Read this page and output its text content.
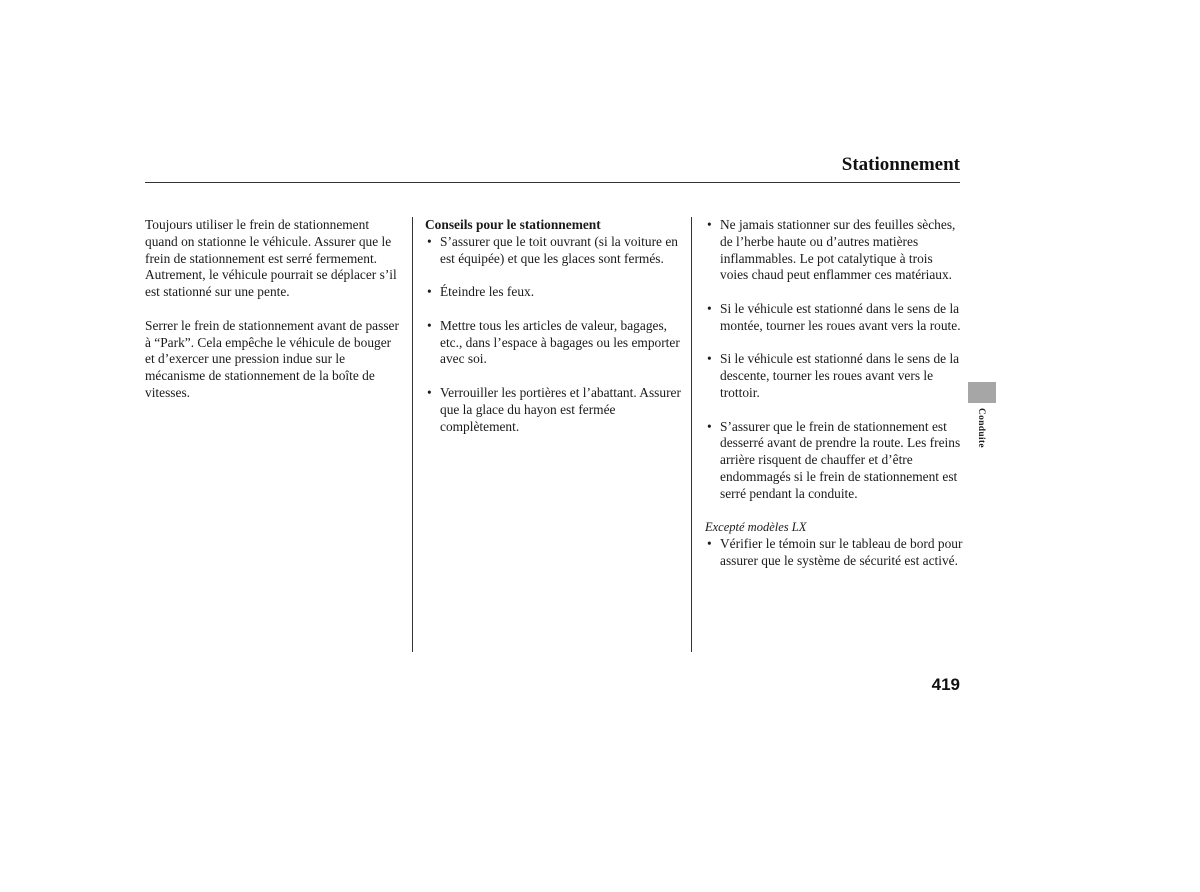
Stationnement

Toujours utiliser le frein de stationnement quand on stationne le véhicule. Assurer que le frein de stationnement est serré fermement. Autrement, le véhicule pourrait se déplacer s’il est stationné sur une pente.

Serrer le frein de stationnement avant de passer à “Park”. Cela empêche le véhicule de bouger et d’exercer une pression indue sur le mécanisme de stationnement de la boîte de vitesses.

Conseils pour le stationnement

• S’assurer que le toit ouvrant (si la voiture en est équipée) et que les glaces sont fermés.
• Éteindre les feux.
• Mettre tous les articles de valeur, bagages, etc., dans l’espace à bagages ou les emporter avec soi.
• Verrouiller les portières et l’abattant. Assurer que la glace du hayon est fermée complètement.
• Ne jamais stationner sur des feuilles sèches, de l’herbe haute ou d’autres matières inflammables. Le pot catalytique à trois voies chaud peut enflammer ces matériaux.
• Si le véhicule est stationné dans le sens de la montée, tourner les roues avant vers la route.
• Si le véhicule est stationné dans le sens de la descente, tourner les roues avant vers le trottoir.
• S’assurer que le frein de stationnement est desserré avant de prendre la route. Les freins arrière risquent de chauffer et d’être endommagés si le frein de stationnement est serré pendant la conduite.

Excepté modèles LX

• Vérifier le témoin sur le tableau de bord pour assurer que le système de sécurité est activé.
Conduite
419
